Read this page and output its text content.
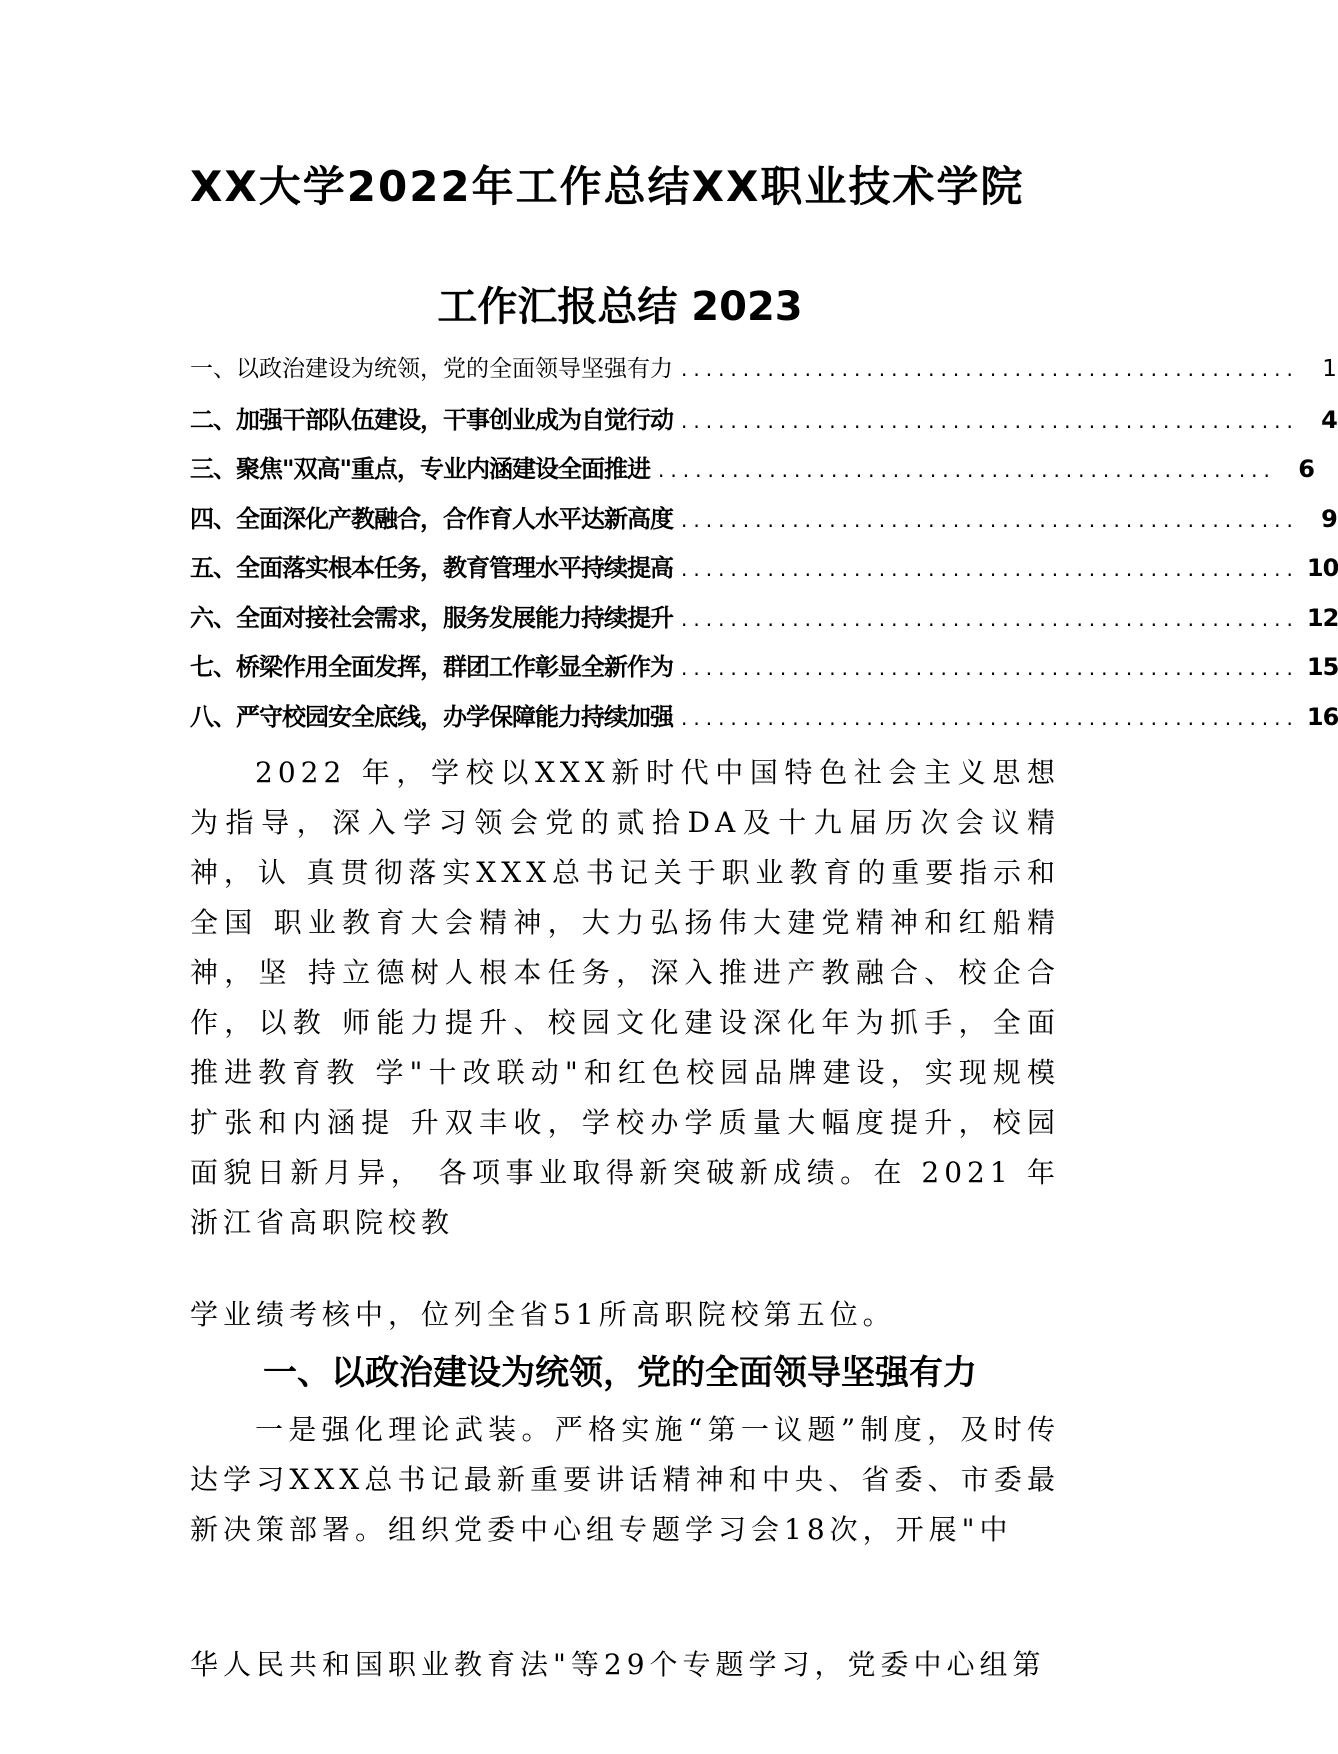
XX大学2022年工作总结XX职业技术学院
工作汇报总结 2023
一、以政治建设为统领，党的全面领导坚强有力 ..................................................	1
二、加强干部队伍建设，干事创业成为自觉行动 .................................................. 4
三、聚焦"双高"重点，专业内涵建设全面推进 .................................................. 6
四、全面深化产教融合，合作育人水平达新高度 .................................................. 9
五、全面落实根本任务，教育管理水平持续提高 .................................................. 10
六、全面对接社会需求，服务发展能力持续提升 .................................................. 12
七、桥梁作用全面发挥，群团工作彰显全新作为 .................................................. 15
八、严守校园安全底线，办学保障能力持续加强 .................................................. 16

2022 年，学校以XXX新时代中国特色社会主义思想为指导，深入学习领会党的贰拾DA及十九届历次会议精神，认 真贯彻落实XXX总书记关于职业教育的重要指示和全国 职业教育大会精神，大力弘扬伟大建党精神和红船精神，坚 持立德树人根本任务，深入推进产教融合、校企合作，以教 师能力提升、校园文化建设深化年为抓手，全面推进教育教 学"十改联动"和红色校园品牌建设，实现规模扩张和内涵提 升双丰收，学校办学质量大幅度提升，校园面貌日新月异， 各项事业取得新突破新成绩。在 2021 年浙江省高职院校教

学业绩考核中，位列全省51所高职院校第五位。

一、以政治建设为统领，党的全面领导坚强有力

一是强化理论武装。严格实施“第一议题”制度，及时传达学习XXX总书记最新重要讲话精神和中央、省委、市委最新决策部署。组织党委中心组专题学习会18次，开展"中

华人民共和国职业教育法"等29个专题学习，党委中心组第
